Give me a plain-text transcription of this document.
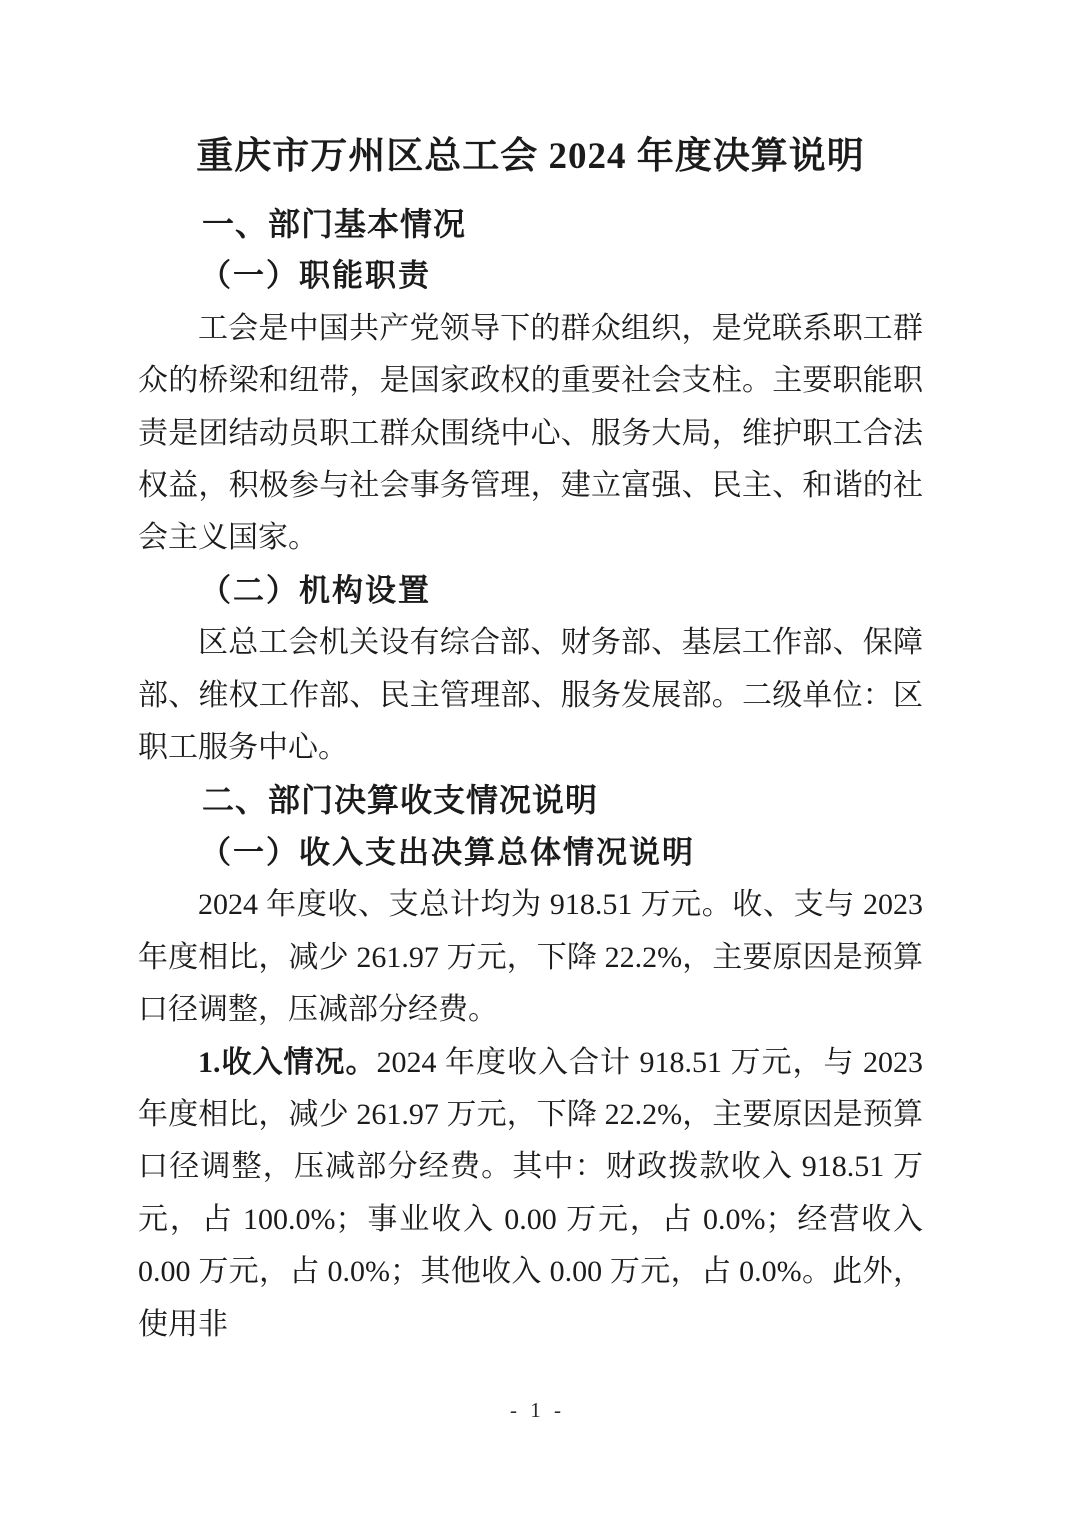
重庆市万州区总工会 2024 年度决算说明
一、部门基本情况
（一）职能职责

工会是中国共产党领导下的群众组织，是党联系职工群众的桥梁和纽带，是国家政权的重要社会支柱。主要职能职责是团结动员职工群众围绕中心、服务大局，维护职工合法权益，积极参与社会事务管理，建立富强、民主、和谐的社会主义国家。

（二）机构设置

区总工会机关设有综合部、财务部、基层工作部、保障部、维权工作部、民主管理部、服务发展部。二级单位：区职工服务中心。

二、部门决算收支情况说明
（一）收入支出决算总体情况说明

2024 年度收、支总计均为 918.51 万元。收、支与 2023 年度相比，减少 261.97 万元，下降 22.2%，主要原因是预算口径调整，压减部分经费。

1.收入情况。2024 年度收入合计 918.51 万元，与 2023 年度相比，减少 261.97 万元，下降 22.2%，主要原因是预算口径调整，压减部分经费。其中：财政拨款收入 918.51 万元，占 100.0%；事业收入 0.00 万元，占 0.0%；经营收入 0.00 万元，占 0.0%；其他收入 0.00 万元，占 0.0%。此外，使用非

- 1 -
